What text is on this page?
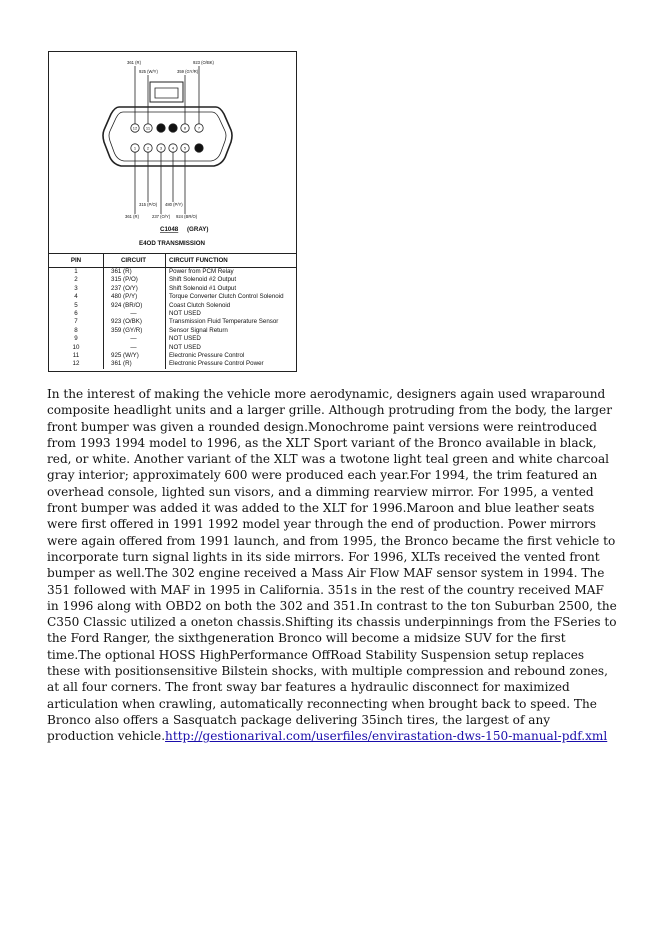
361 (R)
925 (W/Y)	359 (GY/R)
923 (O/BK)
12 11	8	7
1	2	3 4 5
315 (P/O) 480 (P/Y)
361 (R)	237 (O/Y) 924 (BR/O)
C1048 (GRAY)
E4OD TRANSMISSION
PIN	CIRCUIT	CIRCUIT FUNCTION
1	361 (R)	Power from PCM Relay
2	315 (P/O)	Shift Solenoid #2 Output
3	237 (O/Y)	Shift Solenoid #1 Output
4	480 (P/Y)	Torque Converter Clutch Control Solenoid
5	924 (BR/O)	Coast Clutch Solenoid
6	—	NOT USED
7	923 (O/BK)	Transmission Fluid Temperature Sensor
8	359 (GY/R)	Sensor Signal Return
9	—	NOT USED
10	—	NOT USED
11	925 (W/Y)	Electronic Pressure Control
12	361 (R)	Electronic Pressure Control Power

In the interest of making the vehicle more aerodynamic, designers again used wraparound composite headlight units and a larger grille. Although protruding from the body, the larger front bumper was given a rounded design.Monochrome paint versions were reintroduced from 1993 1994 model to 1996, as the XLT Sport variant of the Bronco available in black, red, or white. Another variant of the XLT was a twotone light teal green and white charcoal gray interior; approximately 600 were produced each year.For 1994, the trim featured an overhead console, lighted sun visors, and a dimming rearview mirror. For 1995, a vented front bumper was added it was added to the XLT for 1996.Maroon and blue leather seats were first offered in 1991 1992 model year through the end of production. Power mirrors were again offered from 1991 launch, and from 1995, the Bronco became the first vehicle to incorporate turn signal lights in its side mirrors. For 1996, XLTs received the vented front bumper as well.The 302 engine received a Mass Air Flow MAF sensor system in 1994. The 351 followed with MAF in 1995 in California. 351s in the rest of the country received MAF in 1996 along with OBD2 on both the 302 and 351.In contrast to the ton Suburban 2500, the C350 Classic utilized a oneton chassis.Shifting its chassis underpinnings from the FSeries to the Ford Ranger, the sixthgeneration Bronco will become a midsize SUV for the first time.The optional HOSS HighPerformance OffRoad Stability Suspension setup replaces these with positionsensitive Bilstein shocks, with multiple compression and rebound zones, at all four corners. The front sway bar features a hydraulic disconnect for maximized articulation when crawling, automatically reconnecting when brought back to speed. The Bronco also offers a Sasquatch package delivering 35inch tires, the largest of any production vehicle.http://gestionarival.com/userfiles/envirastation-dws-150-manual-pdf.xml
